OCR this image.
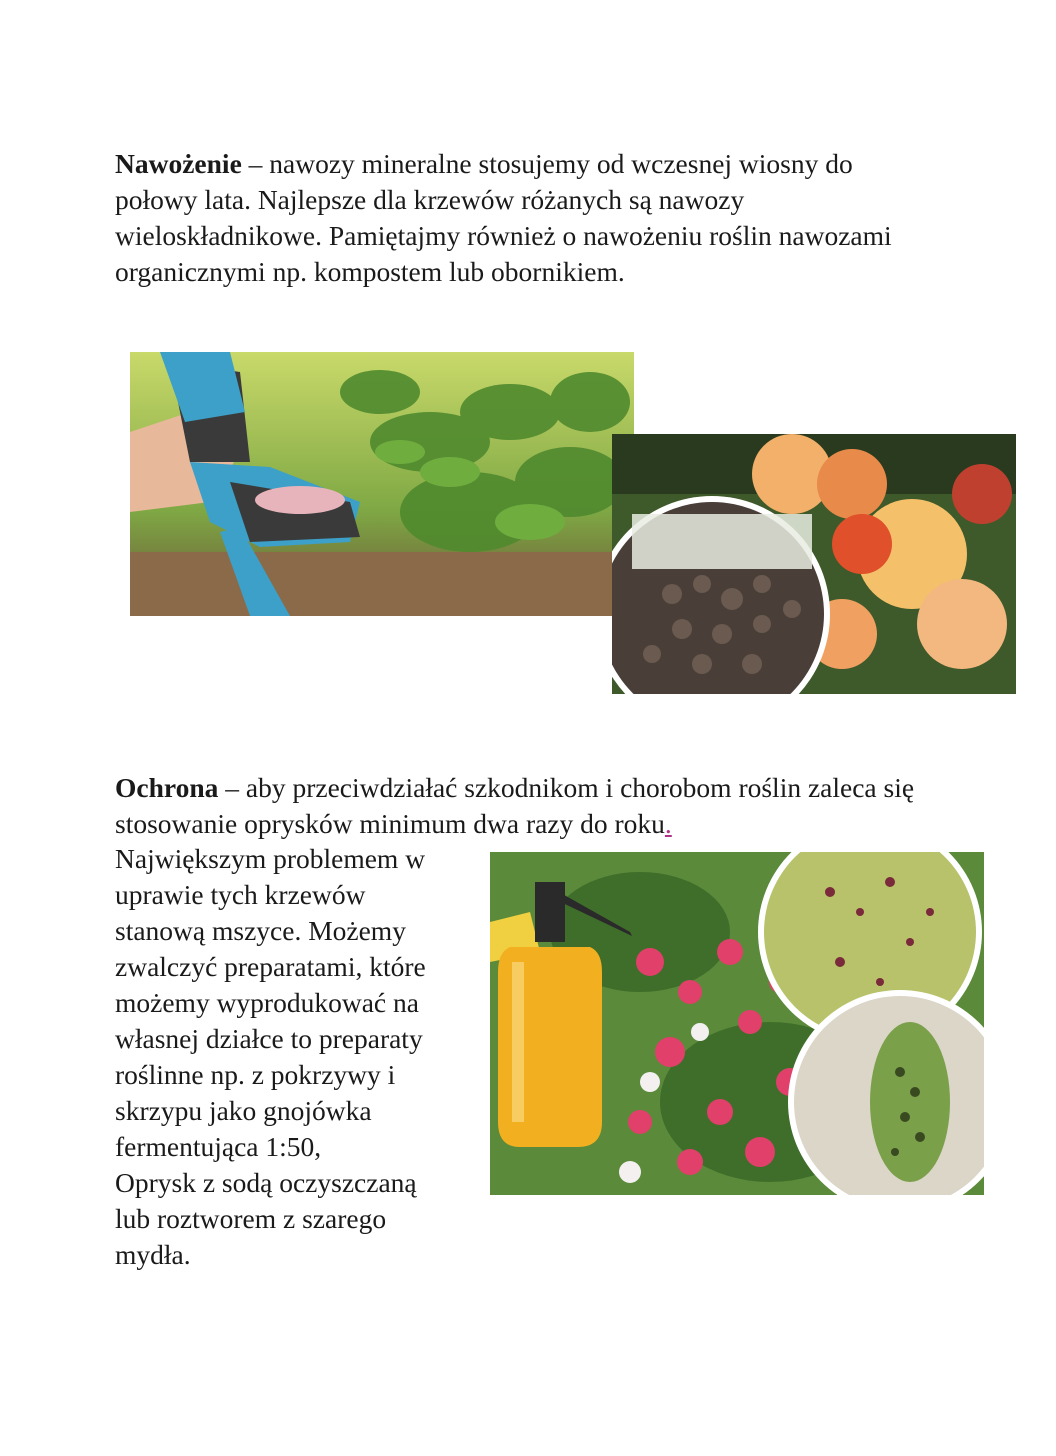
Nawożenie – nawozy mineralne stosujemy od wczesnej wiosny do połowy lata. Najlepsze dla krzewów różanych są nawozy wieloskładnikowe. Pamiętajmy również o nawożeniu roślin nawozami organicznymi np. kompostem lub obornikiem.

Ochrona – aby przeciwdziałać szkodnikom i chorobom roślin zaleca się stosowanie oprysków minimum dwa razy do roku.

Największym problemem w
uprawie tych krzewów
stanową mszyce. Możemy
zwalczyć preparatami, które
możemy wyprodukować na
własnej działce to preparaty
roślinne np. z pokrzywy i
skrzypu jako gnojówka
fermentująca 1:50,
Oprysk z sodą oczyszczaną
lub roztworem z szarego
mydła.
